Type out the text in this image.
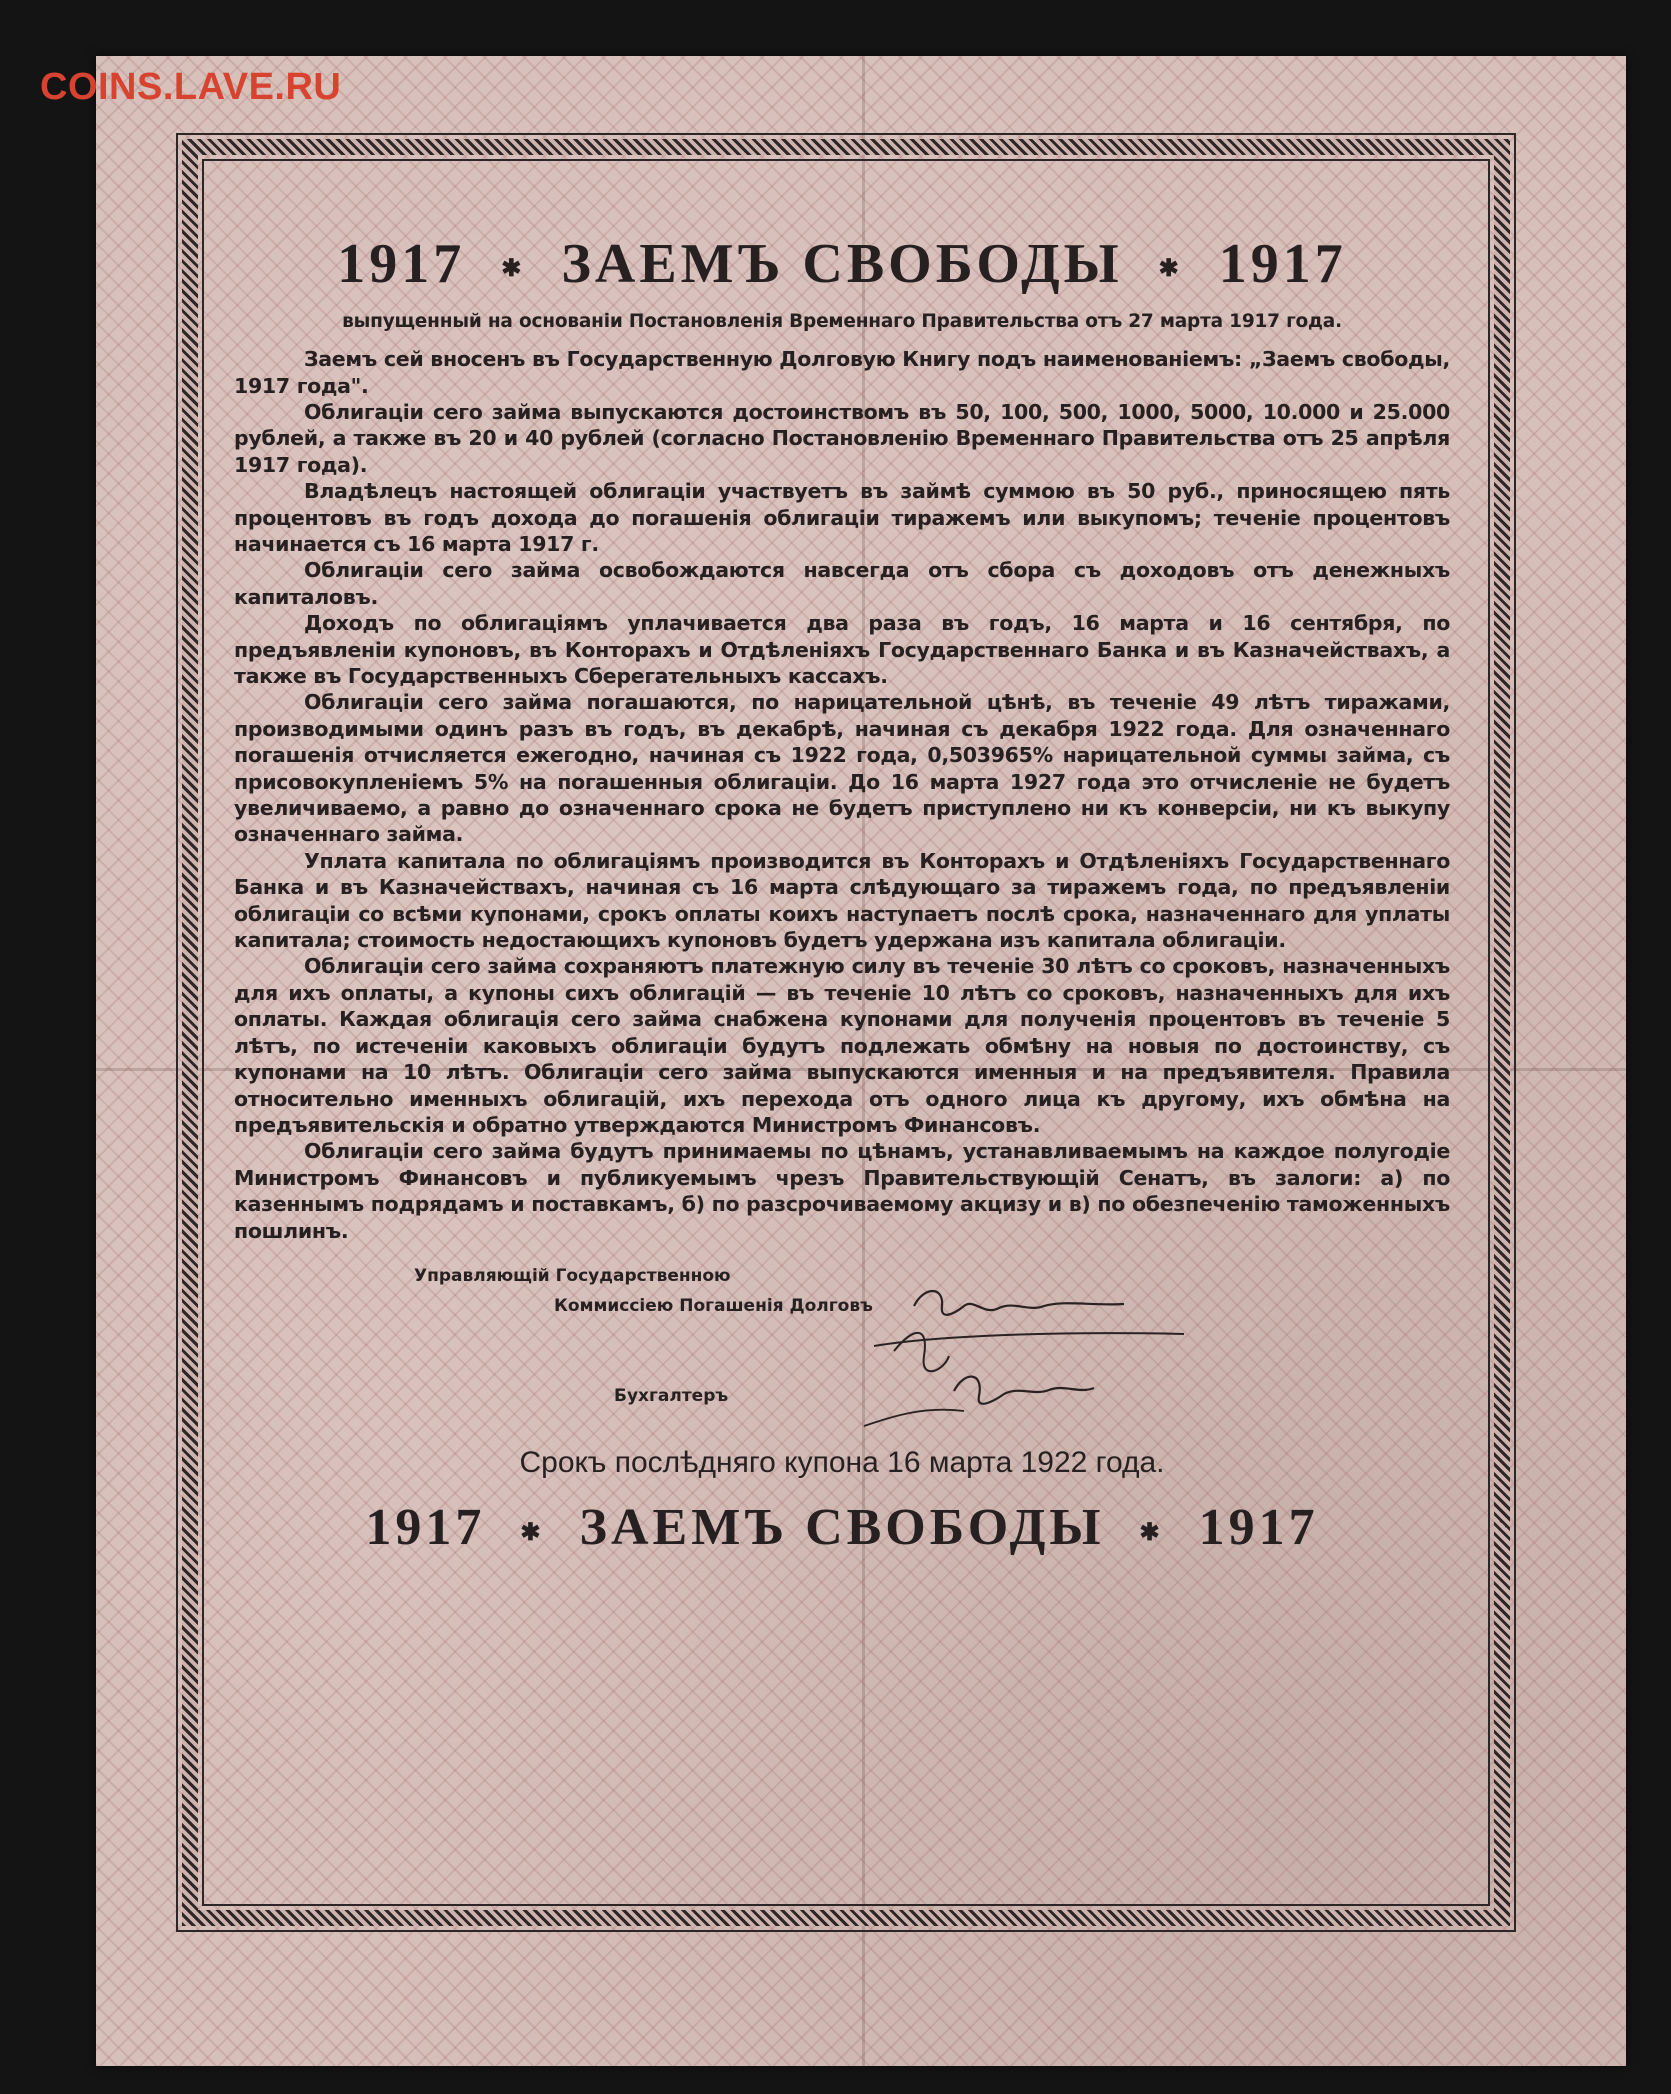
COINS.LAVE.RU
1917 ✱ ЗАЕМЪ СВОБОДЫ ✱ 1917
выпущенный на основаніи Постановленія Временнаго Правительства отъ 27 марта 1917 года.

Заемъ сей вносенъ въ Государственную Долговую Книгу подъ наименованіемъ: „Заемъ свободы, 1917 года".

Облигаціи сего займа выпускаются достоинствомъ въ 50, 100, 500, 1000, 5000, 10.000 и 25.000 рублей, а также въ 20 и 40 рублей (согласно Постановленію Временнаго Правительства отъ 25 апрѣля 1917 года).

Владѣлецъ настоящей облигаціи участвуетъ въ займѣ суммою въ 50 руб., приносящею пять процентовъ въ годъ дохода до погашенія облигаціи тиражемъ или выкупомъ; теченіе процентовъ начинается съ 16 марта 1917 г.

Облигаціи сего займа освобождаются навсегда отъ сбора съ доходовъ отъ денежныхъ капиталовъ.

Доходъ по облигаціямъ уплачивается два раза въ годъ, 16 марта и 16 сентября, по предъявленіи купоновъ, въ Конторахъ и Отдѣленіяхъ Государственнаго Банка и въ Казначействахъ, а также въ Государственныхъ Сберегательныхъ кассахъ.

Облигаціи сего займа погашаются, по нарицательной цѣнѣ, въ теченіе 49 лѣтъ тиражами, производимыми одинъ разъ въ годъ, въ декабрѣ, начиная съ декабря 1922 года. Для означеннаго погашенія отчисляется ежегодно, начиная съ 1922 года, 0,503965% нарицательной суммы займа, съ присовокупленіемъ 5% на погашенныя облигаціи. До 16 марта 1927 года это отчисленіе не будетъ увеличиваемо, а равно до означеннаго срока не будетъ приступлено ни къ конверсіи, ни къ выкупу означеннаго займа.

Уплата капитала по облигаціямъ производится въ Конторахъ и Отдѣленіяхъ Государственнаго Банка и въ Казначействахъ, начиная съ 16 марта слѣдующаго за тиражемъ года, по предъявленіи облигаціи со всѣми купонами, срокъ оплаты коихъ наступаетъ послѣ срока, назначеннаго для уплаты капитала; стоимость недостающихъ купоновъ будетъ удержана изъ капитала облигаціи.

Облигаціи сего займа сохраняютъ платежную силу въ теченіе 30 лѣтъ со сроковъ, назначенныхъ для ихъ оплаты, а купоны сихъ облигацій — въ теченіе 10 лѣтъ со сроковъ, назначенныхъ для ихъ оплаты. Каждая облигація сего займа снабжена купонами для полученія процентовъ въ теченіе 5 лѣтъ, по истеченіи каковыхъ облигаціи будутъ подлежать обмѣну на новыя по достоинству, съ купонами на 10 лѣтъ. Облигаціи сего займа выпускаются именныя и на предъявителя. Правила относительно именныхъ облигацій, ихъ перехода отъ одного лица къ другому, ихъ обмѣна на предъявительскія и обратно утверждаются Министромъ Финансовъ.

Облигаціи сего займа будутъ принимаемы по цѣнамъ, устанавливаемымъ на каждое полугодіе Министромъ Финансовъ и публикуемымъ чрезъ Правительствующій Сенатъ, въ залоги: а) по казеннымъ подрядамъ и поставкамъ, б) по разсрочиваемому акцизу и в) по обезпеченію таможенныхъ пошлинъ.

Управляющій Государственною
Коммиссіею Погашенія Долговъ
Бухгалтеръ
Срокъ послѣдняго купона 16 марта 1922 года.
1917 ✱ ЗАЕМЪ СВОБОДЫ ✱ 1917
